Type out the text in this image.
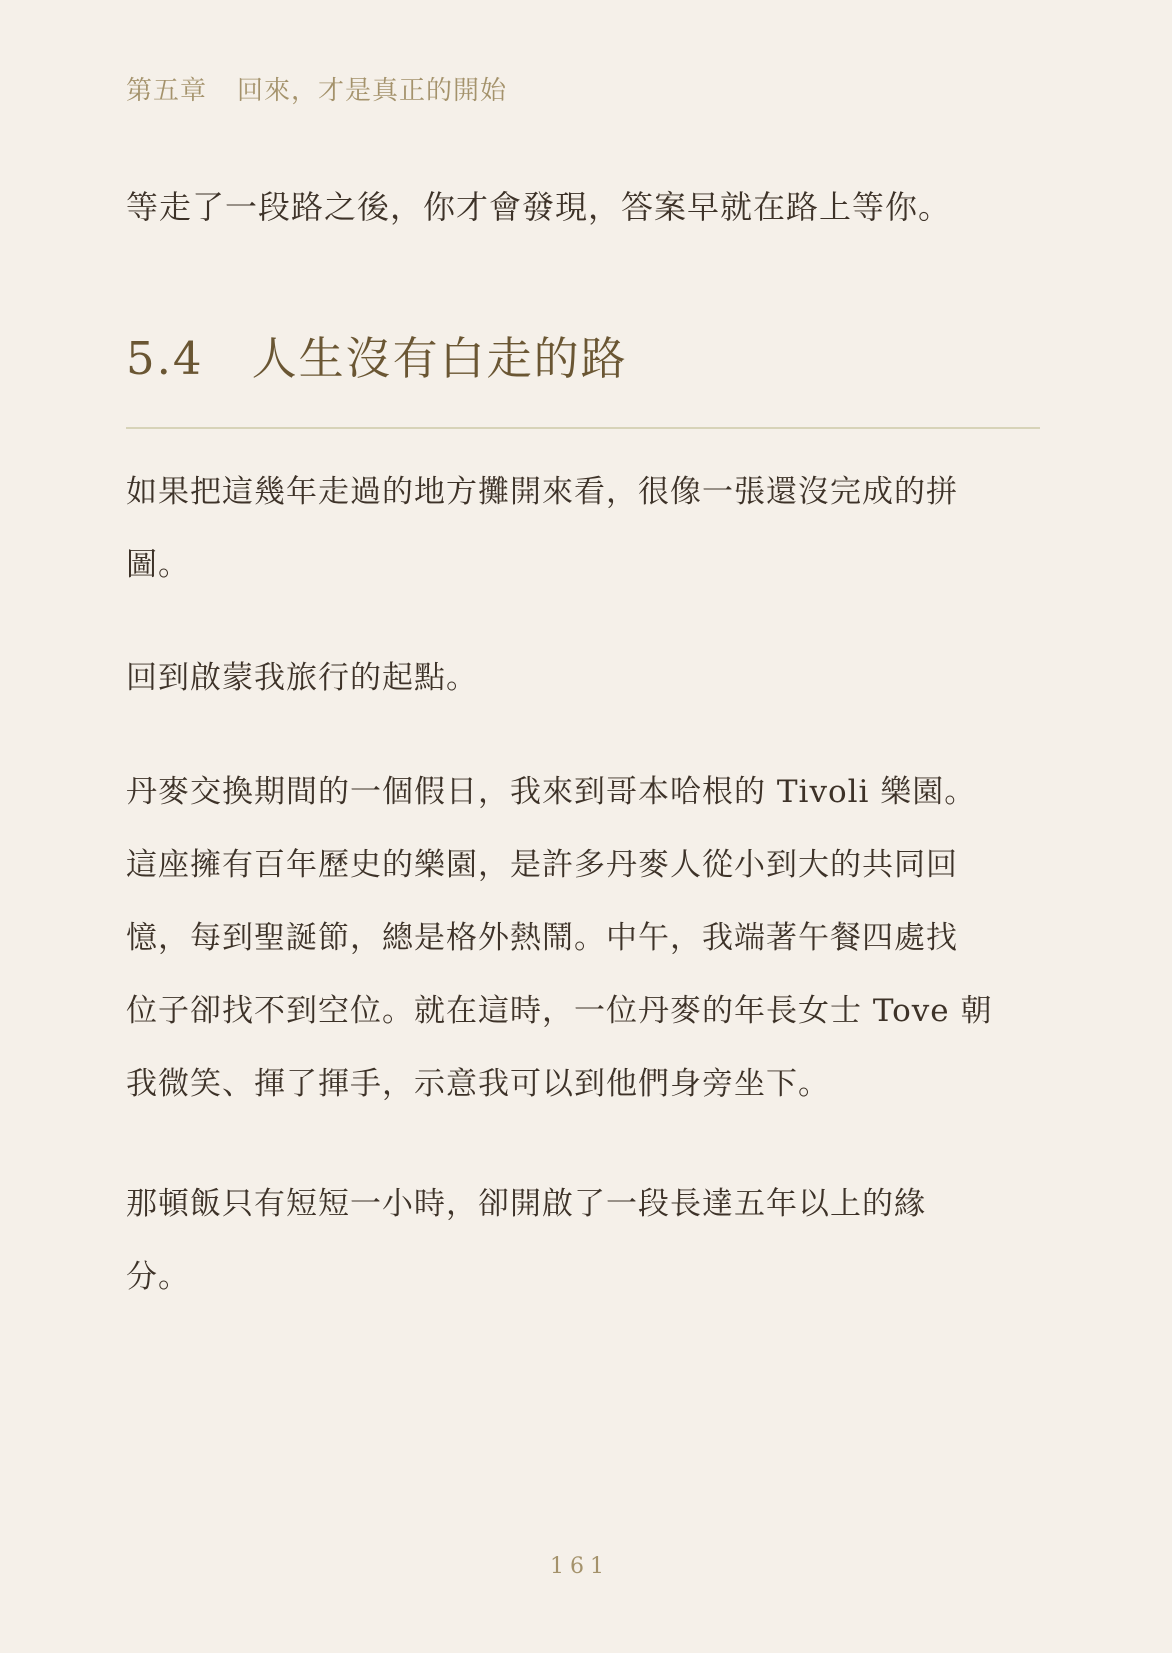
第五章 回來，才是真正的開始
等走了一段路之後，你才會發現，答案早就在路上等你。
5.4 人生沒有白走的路
如果把這幾年走過的地方攤開來看，很像一張還沒完成的拼
圖。
回到啟蒙我旅行的起點。
丹麥交換期間的一個假日，我來到哥本哈根的 Tivoli 樂園。
這座擁有百年歷史的樂園，是許多丹麥人從小到大的共同回
憶，每到聖誕節，總是格外熱鬧。中午，我端著午餐四處找
位子卻找不到空位。就在這時，一位丹麥的年長女士 Tove 朝
我微笑、揮了揮手，示意我可以到他們身旁坐下。
那頓飯只有短短一小時，卻開啟了一段長達五年以上的緣
分。
161
